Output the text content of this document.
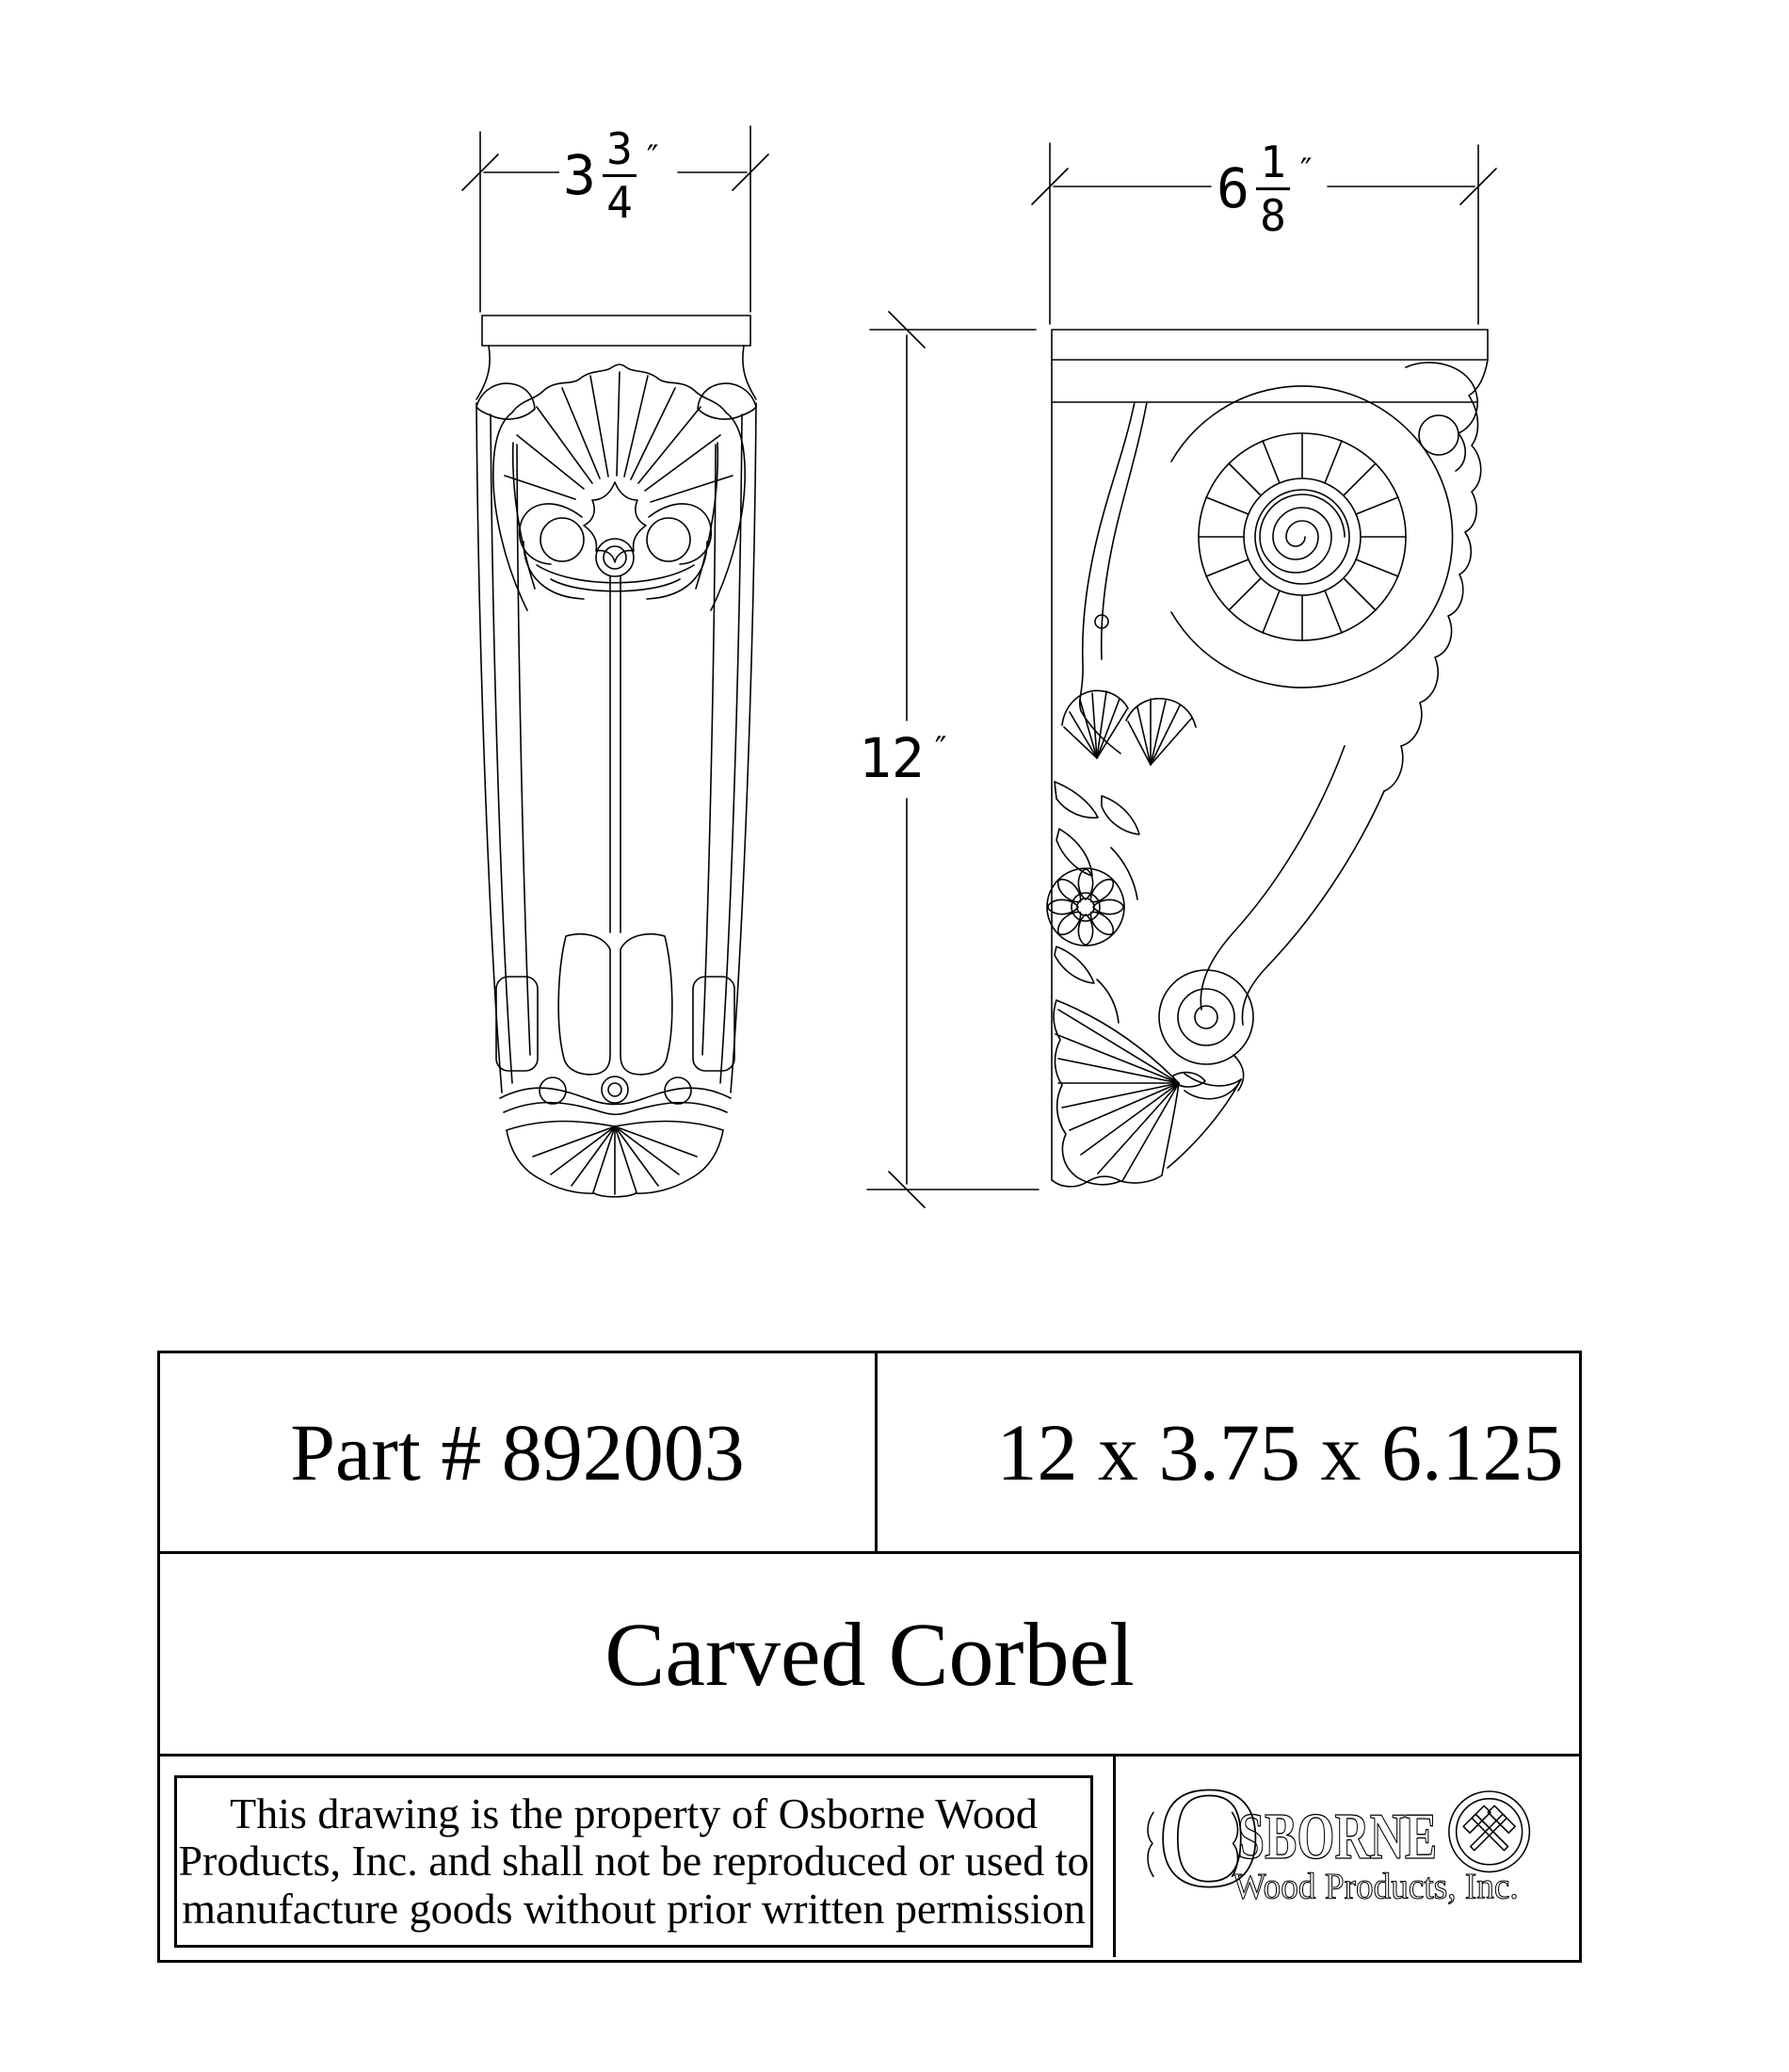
$3 \frac{3}{4}$ ″	$6 \frac{1}{8}$ ″
12 ″
Part # 892003	12 x 3.75 x 6.125
Carved Corbel
This drawing is the property of Osborne Wood
Products, Inc. and shall not be reproduced or used to
manufacture goods without prior written permission O
SBORNE
Wood Products, Inc.
